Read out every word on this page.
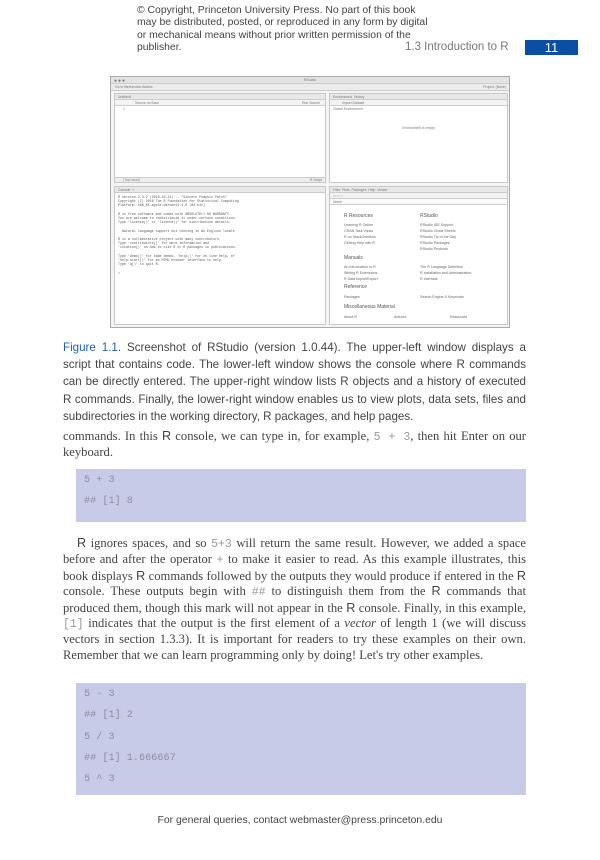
© Copyright, Princeton University Press. No part of this book may be distributed, posted, or reproduced in any form by digital or mechanical means without prior written permission of the publisher.	1.3 Introduction to R	11
●●●	RStudio
Go to file/function Addins	Project: (None)
Untitled1
Source on Save	Run Source
1
(Top Level)	R Script
Console ~/
R version 3.3.2 (2016-10-31) -- "Sincere Pumpkin Patch"
Copyright (C) 2016 The R Foundation for Statistical Computing
Platform: x86_64-apple-darwin13.4.0 (64-bit)

R is free software and comes with ABSOLUTELY NO WARRANTY.
You are welcome to redistribute it under certain conditions.
Type 'license()' or 'licence()' for distribution details.

Natural language support but running in an English locale

R is a collaborative project with many contributors.
Type 'contributors()' for more information and
'citation()' on how to cite R or R packages in publications.

Type 'demo()' for some demos, 'help()' for on-line help, or
'help.start()' for an HTML browser interface to help.
Type 'q()' to quit R.

>
Environment History
Import Dataset
Global Environment
Environment is empty
Files Plots Packages Help Viewer
⇦ ⇨ ⌂
Home
R Resources	RStudio
Learning R Online
CRAN Task Views
R on StackOverflow
Getting Help with R
RStudio IDE Support
RStudio Cheat Sheets
RStudio Tip of the Day
RStudio Packages
RStudio Products
Manuals
An Introduction to R
Writing R Extensions
R Data Import/Export
The R Language Definition
R Installation and Administration
R Internals
Reference
Packages	Search Engine & Keywords
Miscellaneous Material
About R	Authors	Resources
Figure 1.1. Screenshot of RStudio (version 1.0.44). The upper-left window displays a script that contains code. The lower-left window shows the console where R commands can be directly entered. The upper-right window lists R objects and a history of executed R commands. Finally, the lower-right window enables us to view plots, data sets, files and subdirectories in the working directory, R packages, and help pages.
commands. In this R console, we can type in, for example, 5 + 3, then hit Enter on our keyboard.
5 + 3
## [1] 8
R ignores spaces, and so 5+3 will return the same result. However, we added a space before and after the operator + to make it easier to read. As this example illustrates, this book displays R commands followed by the outputs they would produce if entered in the R console. These outputs begin with ## to distinguish them from the R commands that produced them, though this mark will not appear in the R console. Finally, in this example, [1] indicates that the output is the first element of a vector of length 1 (we will discuss vectors in section 1.3.3). It is important for readers to try these examples on their own. Remember that we can learn programming only by doing! Let's try other examples.
5 - 3
## [1] 2
5 / 3
## [1] 1.666667
5 ^ 3
For general queries, contact webmaster@press.princeton.edu
